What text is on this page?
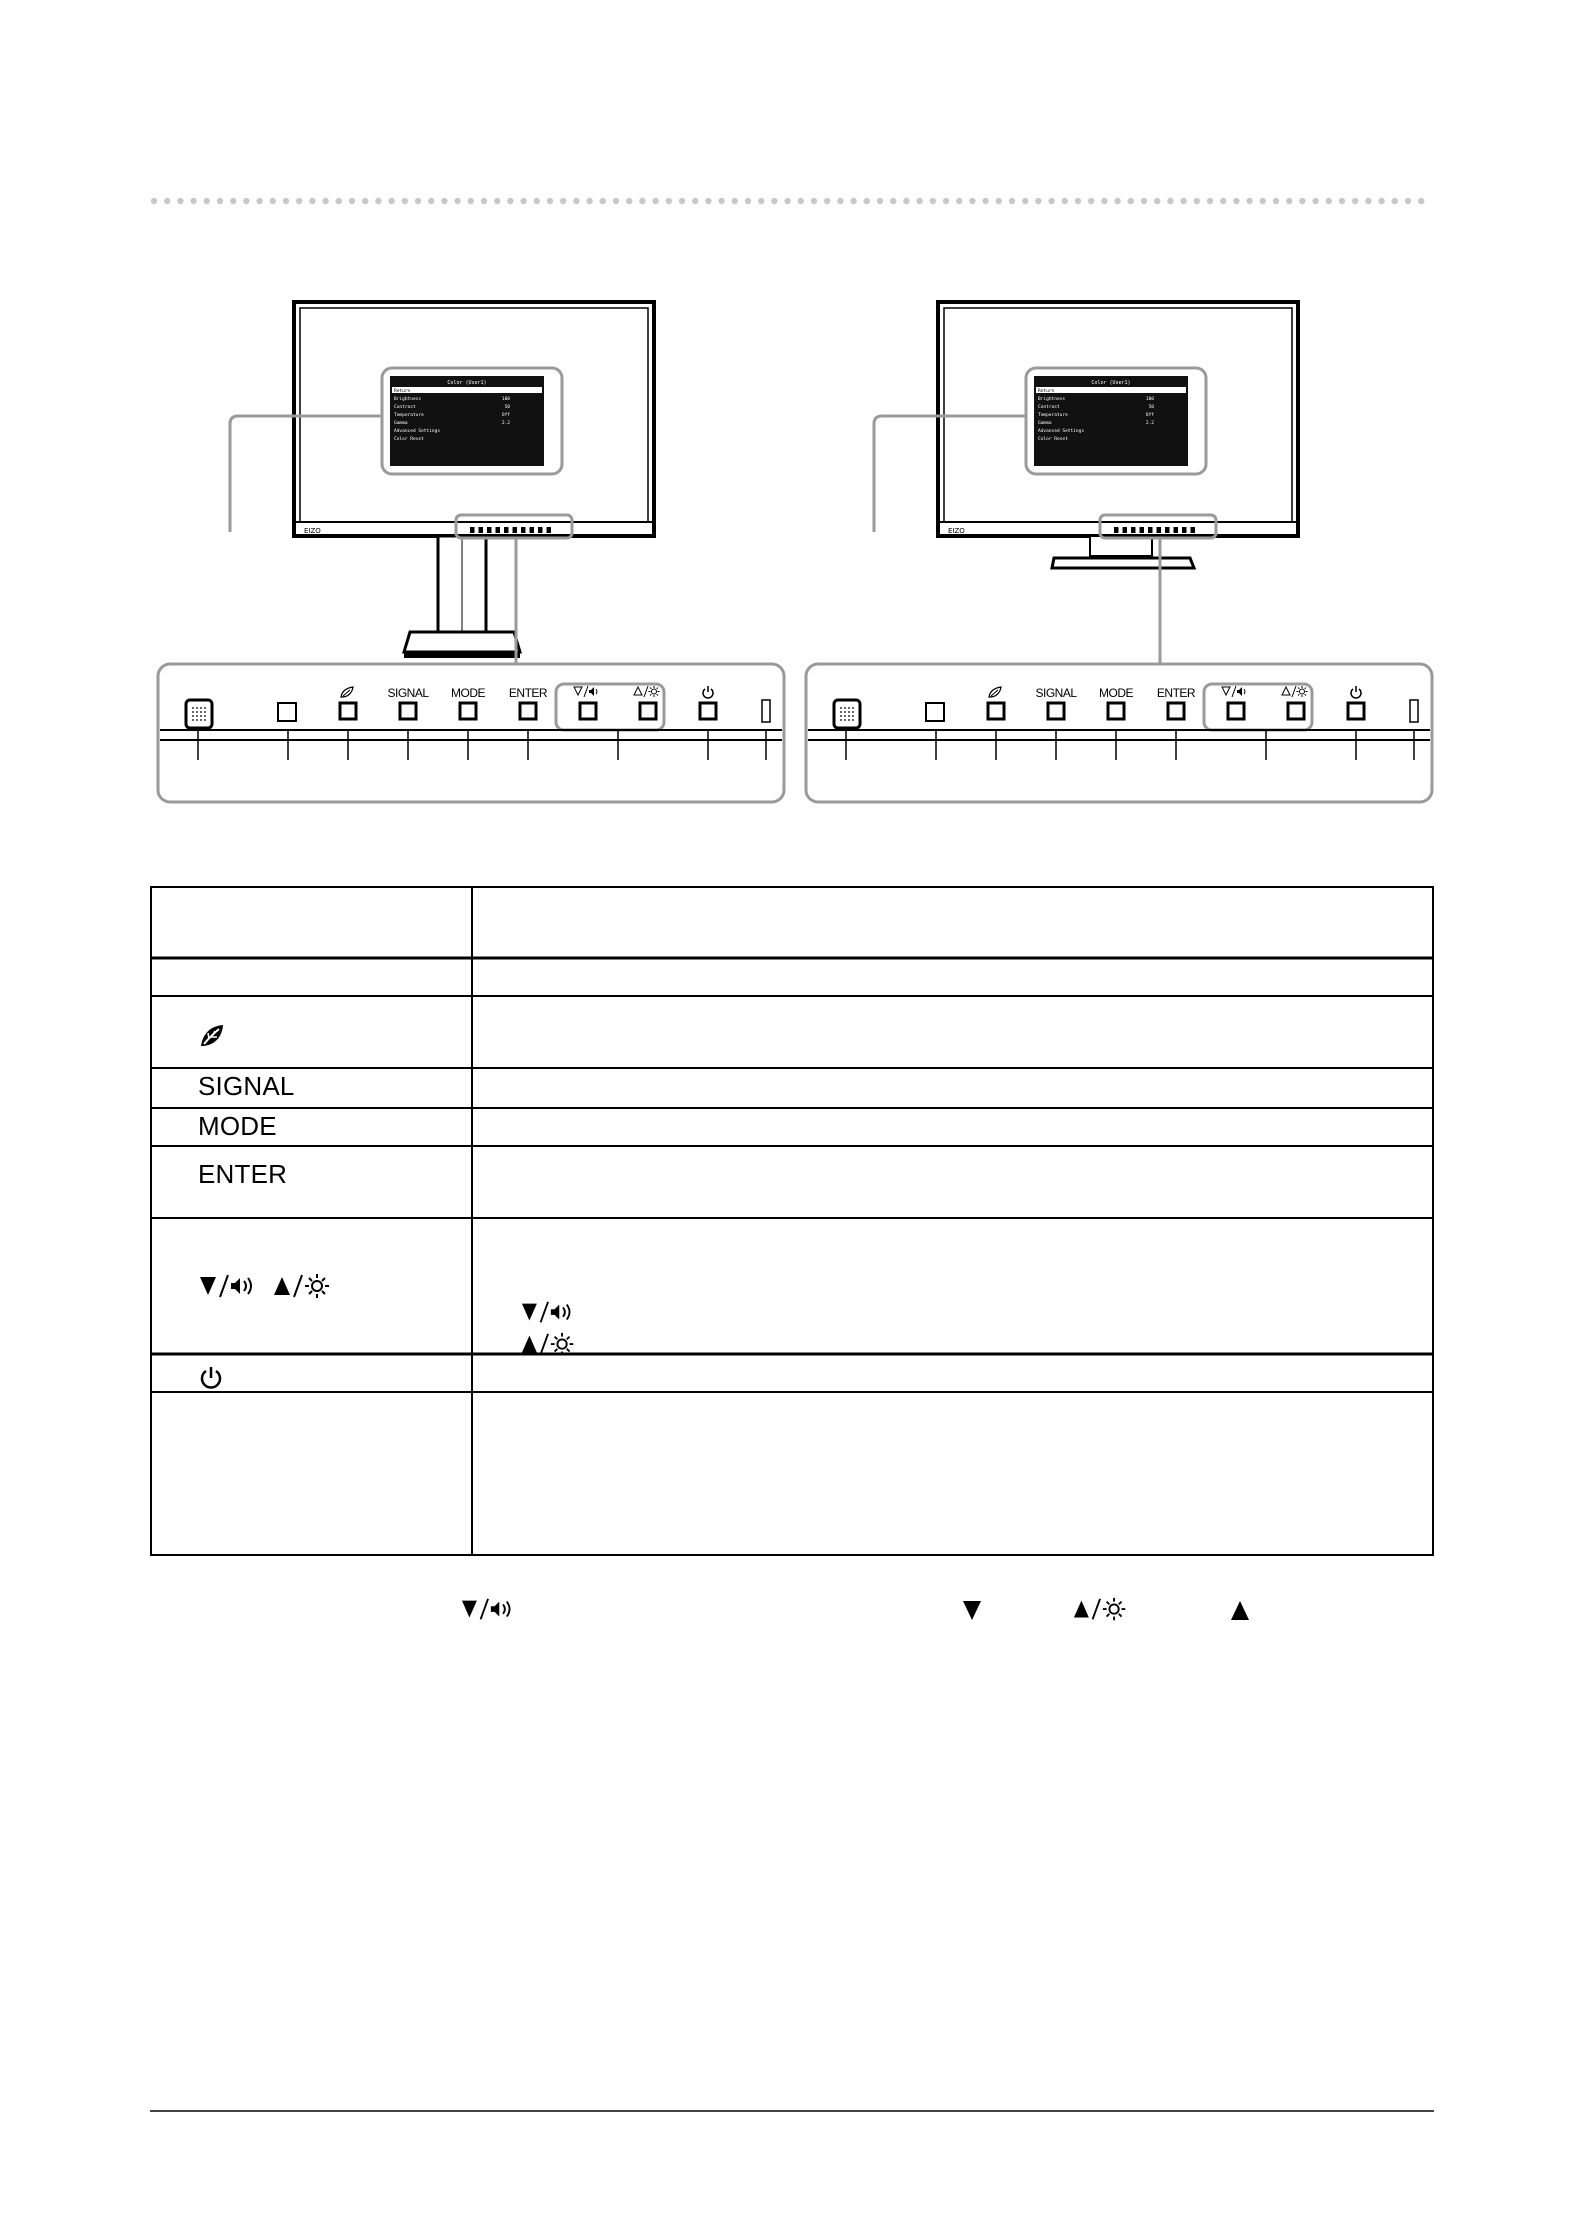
EIZO
Color (User1)
Return
Brightness	100
Contrast	50
Temperature	Off
Gamma	2.2
Advanced Settings
Color Reset
EIZO
Color (User1)
Return
Brightness	100
Contrast	50
Temperature	Off
Gamma	2.2
Advanced Settings
Color Reset
SIGNAL MODE ENTER	SIGNAL MODE ENTER
SIGNAL
MODE
ENTER
